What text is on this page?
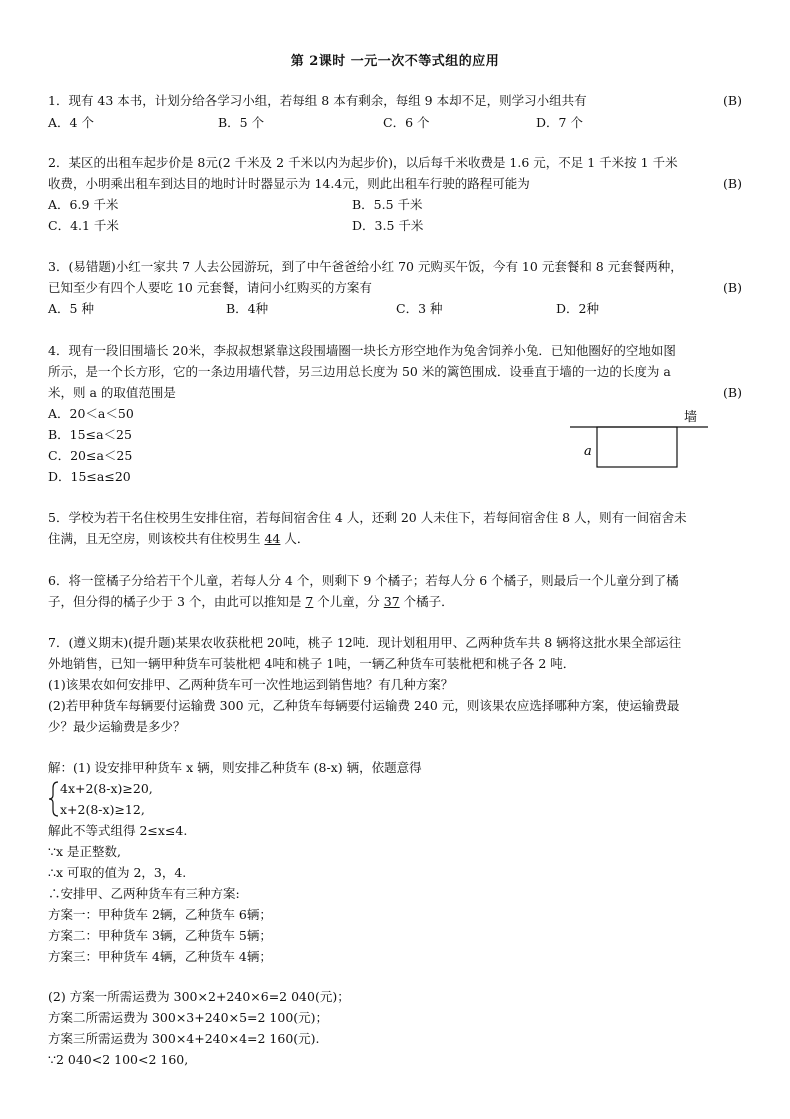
第 2课时 一元一次不等式组的应用
1．现有 43 本书，计划分给各学习小组，若每组 8 本有剩余，每组 9 本却不足，则学习小组共有	(B)
A．4 个	B．5 个	C．6 个	D．7 个
2．某区的出租车起步价是 8元(2 千米及 2 千米以内为起步价)，以后每千米收费是 1.6 元，不足 1 千米按 1 千米
收费，小明乘出租车到达目的地时计时器显示为 14.4元，则此出租车行驶的路程可能为	(B)
A．6.9 千米	B．5.5 千米
C．4.1 千米	D．3.5 千米
3．(易错题)小红一家共 7 人去公园游玩，到了中午爸爸给小红 70 元购买午饭，今有 10 元套餐和 8 元套餐两种，
已知至少有四个人要吃 10 元套餐，请问小红购买的方案有	(B)
A．5 种	B．4种	C．3 种	D．2种
4．现有一段旧围墙长 20米，李叔叔想紧靠这段围墙圈一块长方形空地作为兔舍饲养小兔．已知他圈好的空地如图
所示，是一个长方形，它的一条边用墙代替，另三边用总长度为 50 米的篱笆围成．设垂直于墙的一边的长度为 a
米，则 a 的取值范围是	(B)
A．20＜a＜50
B．15≤a＜25
C．20≤a＜25
D．15≤a≤20
墙
a
5．学校为若干名住校男生安排住宿，若每间宿舍住 4 人，还剩 20 人未住下，若每间宿舍住 8 人，则有一间宿舍未
住满，且无空房，则该校共有住校男生 44 人．
6．将一筐橘子分给若干个儿童，若每人分 4 个，则剩下 9 个橘子；若每人分 6 个橘子，则最后一个儿童分到了橘
子，但分得的橘子少于 3 个，由此可以推知是 7 个儿童，分 37 个橘子．
7．(遵义期末)(提升题)某果农收获枇杷 20吨，桃子 12吨．现计划租用甲、乙两种货车共 8 辆将这批水果全部运往
外地销售，已知一辆甲种货车可装枇杷 4吨和桃子 1吨，一辆乙种货车可装枇杷和桃子各 2 吨．
(1)该果农如何安排甲、乙两种货车可一次性地运到销售地？有几种方案？
(2)若甲种货车每辆要付运输费 300 元，乙种货车每辆要付运输费 240 元，则该果农应选择哪种方案，使运输费最
少？最少运输费是多少？
解：(1) 设安排甲种货车 x 辆，则安排乙种货车 (8-x) 辆，依题意得
4x+2(8-x)≥20,
x+2(8-x)≥12,
解此不等式组得 2≤x≤4.
∵x 是正整数,
∴x 可取的值为 2，3，4.
∴安排甲、乙两种货车有三种方案:
方案一：甲种货车 2辆，乙种货车 6辆；
方案二：甲种货车 3辆，乙种货车 5辆；
方案三：甲种货车 4辆，乙种货车 4辆；
(2) 方案一所需运费为 300×2+240×6=2 040(元)；
方案二所需运费为 300×3+240×5=2 100(元)；
方案三所需运费为 300×4+240×4=2 160(元).
∵2 040<2 100<2 160,
